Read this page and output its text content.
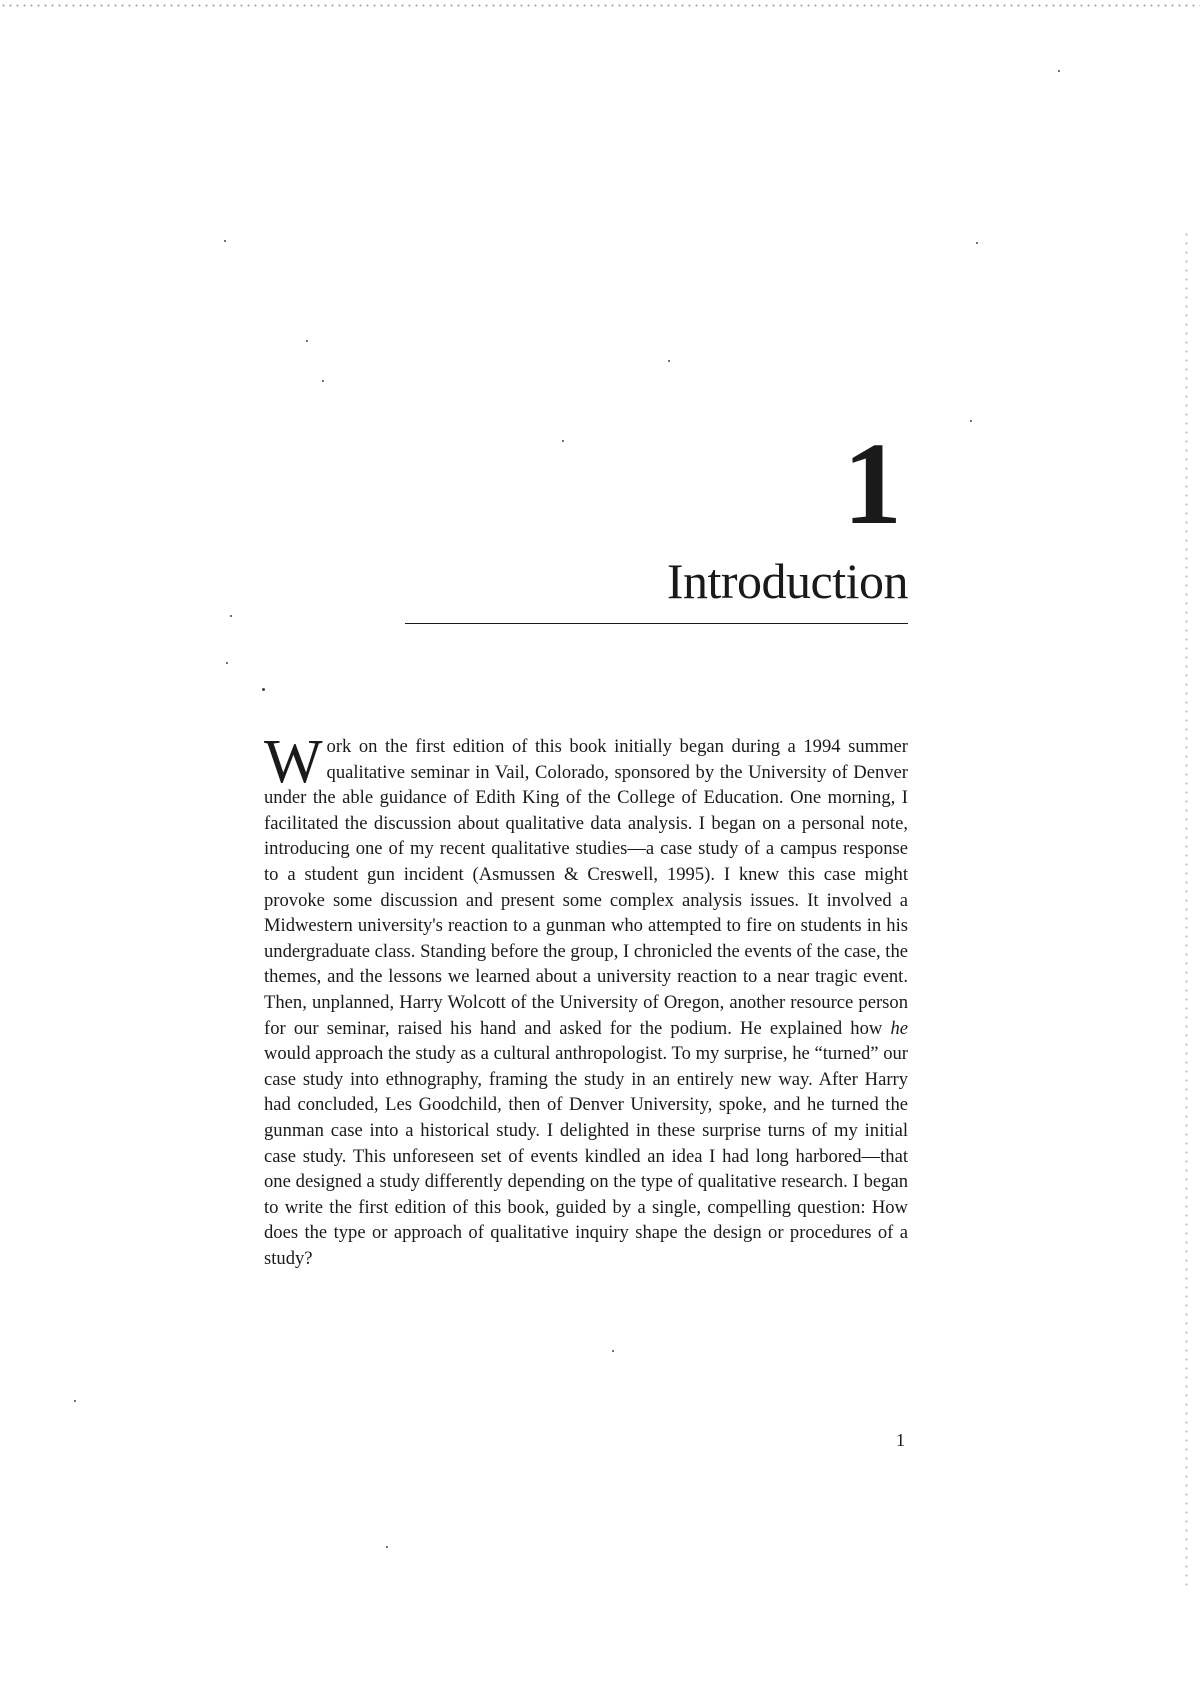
1
Introduction

Work on the first edition of this book initially began during a 1994 summer qualitative seminar in Vail, Colorado, sponsored by the University of Denver under the able guidance of Edith King of the College of Education. One morning, I facilitated the discussion about qualitative data analysis. I began on a personal note, introducing one of my recent qualitative studies—a case study of a campus response to a student gun incident (Asmussen & Creswell, 1995). I knew this case might provoke some discussion and present some complex analysis issues. It involved a Midwestern university's reaction to a gunman who attempted to fire on students in his undergraduate class. Standing before the group, I chronicled the events of the case, the themes, and the lessons we learned about a university reaction to a near tragic event. Then, unplanned, Harry Wolcott of the University of Oregon, another resource person for our seminar, raised his hand and asked for the podium. He explained how he would approach the study as a cultural anthropologist. To my surprise, he “turned” our case study into ethnography, framing the study in an entirely new way. After Harry had concluded, Les Goodchild, then of Denver University, spoke, and he turned the gunman case into a historical study. I delighted in these surprise turns of my initial case study. This unforeseen set of events kindled an idea I had long harbored—that one designed a study differently depending on the type of qualitative research. I began to write the first edition of this book, guided by a single, compelling question: How does the type or approach of qualitative inquiry shape the design or procedures of a study?

1
